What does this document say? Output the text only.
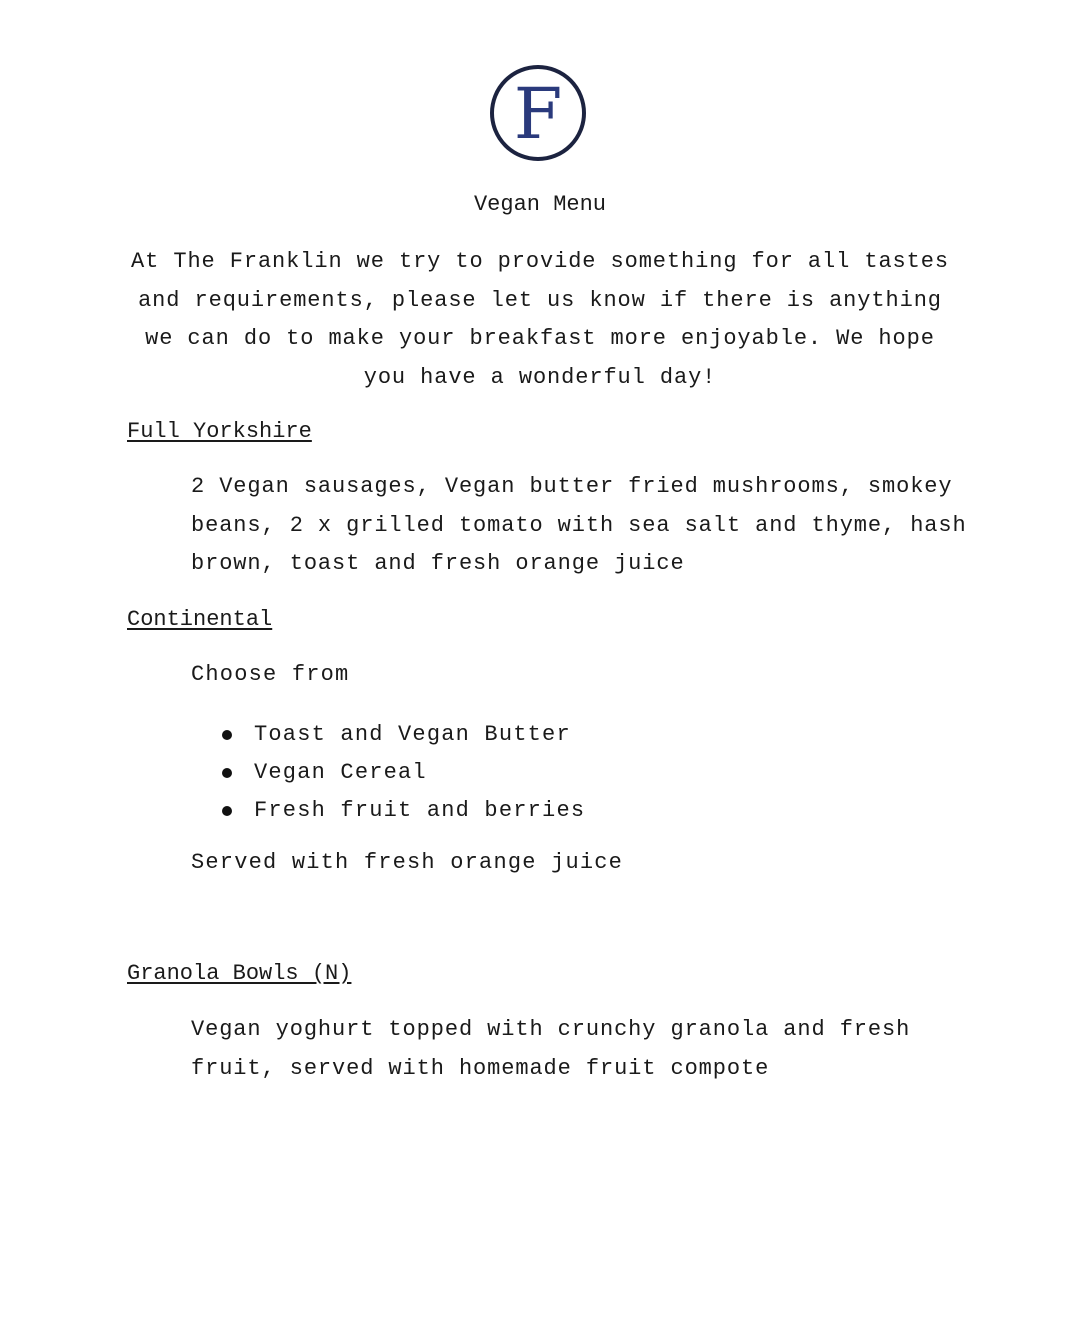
F
Vegan Menu
At The Franklin we try to provide something for all tastes and requirements, please let us know if there is anything we can do to make your breakfast more enjoyable. We hope you have a wonderful day!
Full Yorkshire
2 Vegan sausages, Vegan butter fried mushrooms, smokey beans, 2 x grilled tomato with sea salt and thyme, hash brown, toast and fresh orange juice
Continental
Choose from
Toast and Vegan Butter
Vegan Cereal
Fresh fruit and berries
Served with fresh orange juice
Granola Bowls (N)
Vegan yoghurt topped with crunchy granola and fresh fruit, served with homemade fruit compote
